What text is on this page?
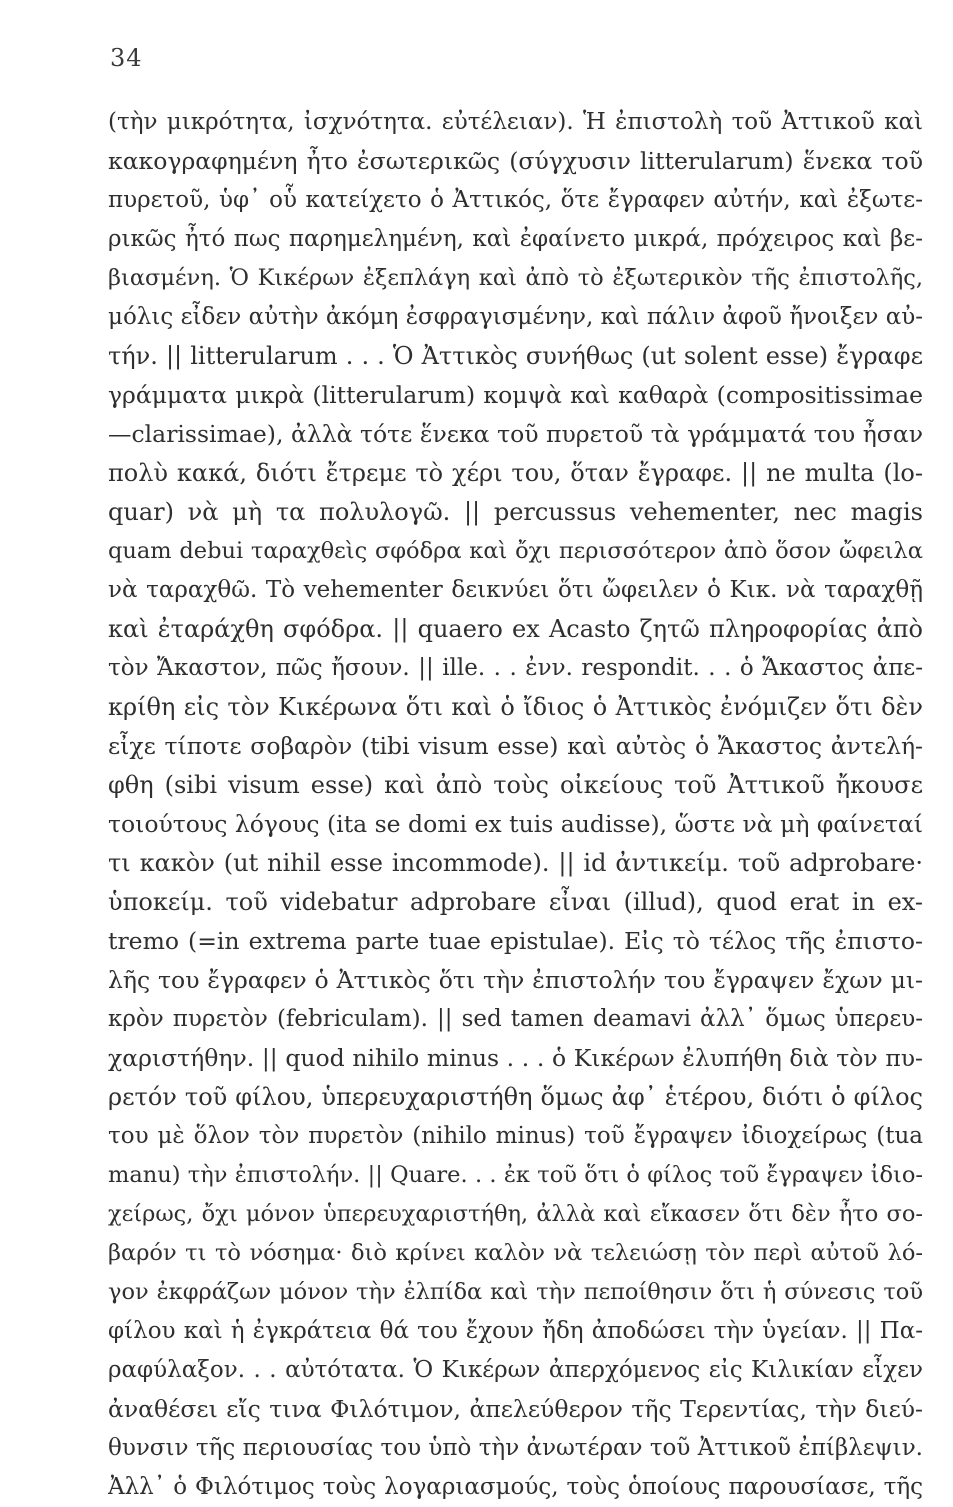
34
(τὴν μικρότητα, ἰσχνότητα. εὐτέλειαν). Ἡ ἐπιστολὴ τοῦ Ἀττικοῦ καὶ
κακογραφημένη ἦτο ἐσωτερικῶς (σύγχυσιν litterularum) ἕνεκα τοῦ
πυρετοῦ, ὑφ᾽ οὗ κατείχετο ὁ Ἀττικός, ὅτε ἔγραφεν αὐτήν, καὶ ἐξωτε-
ρικῶς ἦτό πως παρημελημένη, καὶ ἐφαίνετο μικρά, πρόχειρος καὶ βε-
βιασμένη. Ὁ Κικέρων ἐξεπλάγη καὶ ἀπὸ τὸ ἐξωτερικὸν τῆς ἐπιστολῆς,
μόλις εἶδεν αὐτὴν ἀκόμη ἐσφραγισμένην, καὶ πάλιν ἀφοῦ ἤνοιξεν αὐ-
τήν. || litterularum . . . Ὁ Ἀττικὸς συνήθως (ut solent esse) ἔγραφε
γράμματα μικρὰ (litterularum) κομψὰ καὶ καθαρὰ (compositissimae
—clarissimae), ἀλλὰ τότε ἕνεκα τοῦ πυρετοῦ τὰ γράμματά του ἦσαν
πολὺ κακά, διότι ἔτρεμε τὸ χέρι του, ὅταν ἔγραφε. || ne multa (lo-
quar) νὰ μὴ τα πολυλογῶ. || percussus vehementer, nec magis
quam debui ταραχθεὶς σφόδρα καὶ ὄχι περισσότερον ἀπὸ ὅσον ὤφειλα
νὰ ταραχθῶ. Τὸ vehementer δεικνύει ὅτι ὤφειλεν ὁ Κικ. νὰ ταραχθῇ
καὶ ἐταράχθη σφόδρα. || quaero ex Acasto ζητῶ πληροφορίας ἀπὸ
τὸν Ἄκαστον, πῶς ἤσουν. || ille. . . ἐνν. respondit. . . ὁ Ἄκαστος ἀπε-
κρίθη εἰς τὸν Κικέρωνα ὅτι καὶ ὁ ἴδιος ὁ Ἀττικὸς ἐνόμιζεν ὅτι δὲν
εἶχε τίποτε σοβαρὸν (tibi visum esse) καὶ αὐτὸς ὁ Ἄκαστος ἀντελή-
φθη (sibi visum esse) καὶ ἀπὸ τοὺς οἰκείους τοῦ Ἀττικοῦ ἤκουσε
τοιούτους λόγους (ita se domi ex tuis audisse), ὥστε νὰ μὴ φαίνεταί
τι κακὸν (ut nihil esse incommode). || id ἀντικείμ. τοῦ adprobare·
ὑποκείμ. τοῦ videbatur adprobare εἶναι (illud), quod erat in ex-
tremo (=in extrema parte tuae epistulae). Εἰς τὸ τέλος τῆς ἐπιστο-
λῆς του ἔγραφεν ὁ Ἀττικὸς ὅτι τὴν ἐπιστολήν του ἔγραψεν ἔχων μι-
κρὸν πυρετὸν (febriculam). || sed tamen deamavi ἀλλ᾽ ὅμως ὑπερευ-
χαριστήθην. || quod nihilo minus . . . ὁ Κικέρων ἐλυπήθη διὰ τὸν πυ-
ρετόν τοῦ φίλου, ὑπερευχαριστήθη ὅμως ἀφ᾽ ἑτέρου, διότι ὁ φίλος
του μὲ ὅλον τὸν πυρετὸν (nihilo minus) τοῦ ἔγραψεν ἰδιοχείρως (tua
manu) τὴν ἐπιστολήν. || Quare. . . ἐκ τοῦ ὅτι ὁ φίλος τοῦ ἔγραψεν ἰδιο-
χείρως, ὄχι μόνον ὑπερευχαριστήθη, ἀλλὰ καὶ εἴκασεν ὅτι δὲν ἦτο σο-
βαρόν τι τὸ νόσημα· διὸ κρίνει καλὸν νὰ τελειώσῃ τὸν περὶ αὐτοῦ λό-
γον ἐκφράζων μόνον τὴν ἐλπίδα καὶ τὴν πεποίθησιν ὅτι ἡ σύνεσις τοῦ
φίλου καὶ ἡ ἐγκράτεια θά του ἔχουν ἤδη ἀποδώσει τὴν ὑγείαν. || Πα-
ραφύλαξον. . . αὐτότατα. Ὁ Κικέρων ἀπερχόμενος εἰς Κιλικίαν εἶχεν
ἀναθέσει εἴς τινα Φιλότιμον, ἀπελεύθερον τῆς Τερεντίας, τὴν διεύ-
θυνσιν τῆς περιουσίας του ὑπὸ τὴν ἀνωτέραν τοῦ Ἀττικοῦ ἐπίβλεψιν.
Ἀλλ᾽ ὁ Φιλότιμος τοὺς λογαριασμούς, τοὺς ὁποίους παρουσίασε, τῆς
